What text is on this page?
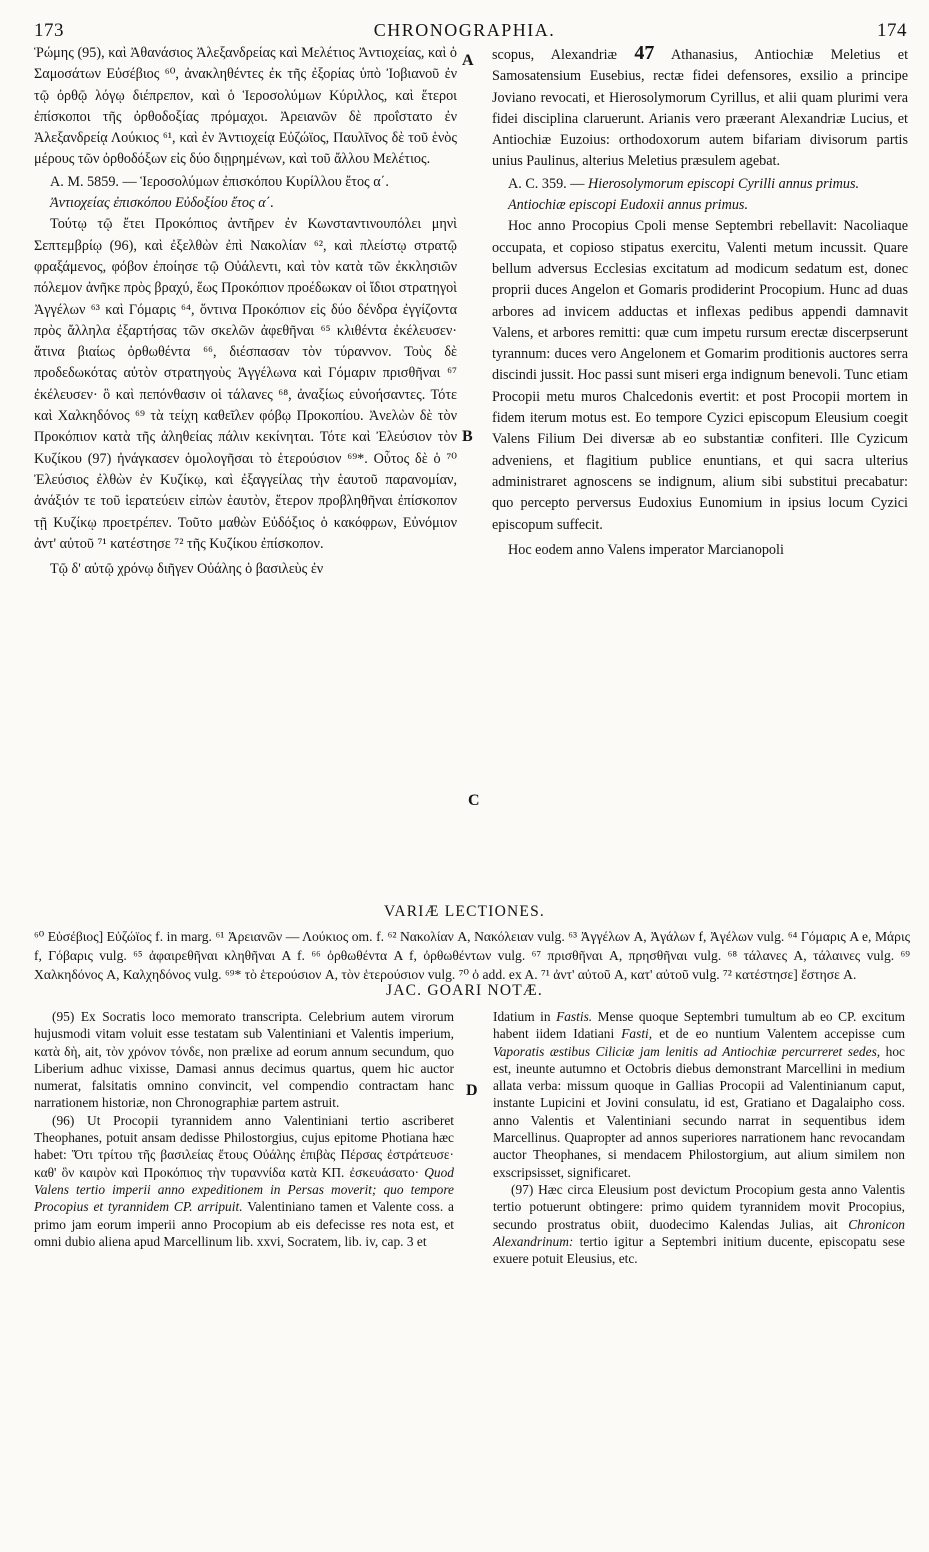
173	CHRONOGRAPHIA.	174

Ῥώμης (95), καὶ Ἀθανάσιος Ἀλεξανδρείας καὶ Μελέτιος Ἀντιοχείας, καὶ ὁ Σαμοσάτων Εὐσέβιος ⁶⁰, ἀνακληθέντες ἐκ τῆς ἐξορίας ὑπὸ Ἰοβιανοῦ ἐν τῷ ὀρθῷ λόγῳ διέπρεπον, καὶ ὁ Ἱεροσολύμων Κύριλλος, καὶ ἕτεροι ἐπίσκοποι τῆς ὀρθοδοξίας πρόμαχοι. Ἀρειανῶν δὲ προΐστατο ἐν Ἀλεξανδρείᾳ Λούκιος ⁶¹, καὶ ἐν Ἀντιοχείᾳ Εὐζώϊος, Παυλῖνος δὲ τοῦ ἑνὸς μέρους τῶν ὀρθοδόξων εἰς δύο διῃρημένων, καὶ τοῦ ἄλλου Μελέτιος.

A. M. 5859. — Ἱεροσολύμων ἐπισκόπου Κυρίλλου ἔτος α΄.

Ἀντιοχείας ἐπισκόπου Εὐδοξίου ἔτος α΄.

Τούτῳ τῷ ἔτει Προκόπιος ἀντῆρεν ἐν Κωνσταντινουπόλει μηνὶ Σεπτεμβρίῳ (96), καὶ ἐξελθὼν ἐπὶ Νακολίαν ⁶², καὶ πλείστῳ στρατῷ φραξάμενος, φόβον ἐποίησε τῷ Οὐάλεντι, καὶ τὸν κατὰ τῶν ἐκκλησιῶν πόλεμον ἀνῆκε πρὸς βραχύ, ἕως Προκόπιον προέδωκαν οἱ ἴδιοι στρατηγοὶ Ἀγγέλων ⁶³ καὶ Γόμαρις ⁶⁴, ὅντινα Προκόπιον εἰς δύο δένδρα ἐγγίζοντα πρὸς ἄλληλα ἐξαρτήσας τῶν σκελῶν ἀφεθῆναι ⁶⁵ κλιθέντα ἐκέλευσεν· ἅτινα βιαίως ὀρθωθέντα ⁶⁶, διέσπασαν τὸν τύραννον. Τοὺς δὲ προδεδωκότας αὐτὸν στρατηγοὺς Ἀγγέλωνα καὶ Γόμαριν πρισθῆναι ⁶⁷ ἐκέλευσεν· ὃ καὶ πεπόνθασιν οἱ τάλανες ⁶⁸, ἀναξίως εὐνοήσαντες. Τότε καὶ Χαλκηδόνος ⁶⁹ τὰ τείχη καθεῖλεν φόβῳ Προκοπίου. Ἀνελὼν δὲ τὸν Προκόπιον κατὰ τῆς ἀληθείας πάλιν κεκίνηται. Τότε καὶ Ἐλεύσιον τὸν Κυζίκου (97) ἠνάγκασεν ὁμολογῆσαι τὸ ἑτερούσιον ⁶⁹*. Οὗτος δὲ ὁ ⁷⁰ Ἐλεύσιος ἐλθὼν ἐν Κυζίκῳ, καὶ ἐξαγγείλας τὴν ἑαυτοῦ παρανομίαν, ἀνάξιόν τε τοῦ ἱερατεύειν εἰπὼν ἑαυτὸν, ἕτερον προβληθῆναι ἐπίσκοπον τῇ Κυζίκῳ προετρέπεν. Τοῦτο μαθὼν Εὐδόξιος ὁ κακόφρων, Εὐνόμιον ἀντ' αὐτοῦ ⁷¹ κατέστησε ⁷² τῆς Κυζίκου ἐπίσκοπον.

Τῷ δ' αὐτῷ χρόνῳ διῆγεν Οὐάλης ὁ βασιλεὺς ἐν

A
B
C
D

scopus, Alexandriæ 47 Athanasius, Antiochiæ Meletius et Samosatensium Eusebius, rectæ fidei defensores, exsilio a principe Joviano revocati, et Hierosolymorum Cyrillus, et alii quam plurimi vera fidei disciplina claruerunt. Arianis vero præerant Alexandriæ Lucius, et Antiochiæ Euzoius: orthodoxorum autem bifariam divisorum partis unius Paulinus, alterius Meletius præsulem agebat.

A. C. 359. — Hierosolymorum episcopi Cyrilli annus primus.

Antiochiæ episcopi Eudoxii annus primus.

Hoc anno Procopius Cpoli mense Septembri rebellavit: Nacoliaque occupata, et copioso stipatus exercitu, Valenti metum incussit. Quare bellum adversus Ecclesias excitatum ad modicum sedatum est, donec proprii duces Angelon et Gomaris prodiderint Procopium. Hunc ad duas arbores ad invicem adductas et inflexas pedibus appendi damnavit Valens, et arbores remitti: quæ cum impetu rursum erectæ discerpserunt tyrannum: duces vero Angelonem et Gomarim proditionis auctores serra discindi jussit. Hoc passi sunt miseri erga indignum benevoli. Tunc etiam Procopii metu muros Chalcedonis evertit: et post Procopii mortem in fidem iterum motus est. Eo tempore Cyzici episcopum Eleusium coegit Valens Filium Dei diversæ ab eo substantiæ confiteri. Ille Cyzicum adveniens, et flagitium publice enuntians, et qui sacra ulterius administraret agnoscens se indignum, alium sibi substitui precabatur: quo percepto perversus Eudoxius Eunomium in ipsius locum Cyzici episcopum suffecit.

Hoc eodem anno Valens imperator Marcianopoli

VARIÆ LECTIONES.

⁶⁰ Εὐσέβιος] Εὐζώϊος f. in marg. ⁶¹ Ἀρειανῶν — Λούκιος om. f. ⁶² Νακολίαν A, Νακόλειαν vulg. ⁶³ Ἀγγέλων A, Ἀγάλων f, Ἀγέλων vulg. ⁶⁴ Γόμαρις A e, Μάρις f, Γόβαρις vulg. ⁶⁵ ἀφαιρεθῆναι κληθῆναι A f. ⁶⁶ ὀρθωθέντα A f, ὀρθωθέντων vulg. ⁶⁷ πρισθῆναι A, πρησθῆναι vulg. ⁶⁸ τάλανες A, τάλαινες vulg. ⁶⁹ Χαλκηδόνος A, Καλχηδόνος vulg. ⁶⁹* τὸ ἑτερούσιον A, τὸν ἑτερούσιον vulg. ⁷⁰ ὁ add. ex A. ⁷¹ ἀντ' αὐτοῦ A, κατ' αὐτοῦ vulg. ⁷² κατέστησε] ἔστησε A.

JAC. GOARI NOTÆ.

(95) Ex Socratis loco memorato transcripta. Celebrium autem virorum hujusmodi vitam voluit esse testatam sub Valentiniani et Valentis imperium, κατὰ δὴ, ait, τὸν χρόνον τόνδε, non prælixe ad eorum annum secundum, quo Liberium adhuc vixisse, Damasi annus decimus quartus, quem hic auctor numerat, falsitatis omnino convincit, vel compendio contractam hanc narrationem historiæ, non Chronographiæ partem astruit.

(96) Ut Procopii tyrannidem anno Valentiniani tertio ascriberet Theophanes, potuit ansam dedisse Philostorgius, cujus epitome Photiana hæc habet: Ὅτι τρίτου τῆς βασιλείας ἔτους Οὐάλης ἐπιβὰς Πέρσας ἐστράτευσε· καθ' ὃν καιρὸν καὶ Προκόπιος τὴν τυραννίδα κατὰ ΚΠ. ἐσκευάσατο· Quod Valens tertio imperii anno expeditionem in Persas moverit; quo tempore Procopius et tyrannidem CP. arripuit. Valentiniano tamen et Valente coss. a primo jam eorum imperii anno Procopium ab eis defecisse res nota est, et omni dubio aliena apud Marcellinum lib. xxvi, Socratem, lib. iv, cap. 3 et

Idatium in Fastis. Mense quoque Septembri tumultum ab eo CP. excitum habent iidem Idatiani Fasti, et de eo nuntium Valentem accepisse cum Vaporatis æstibus Ciliciæ jam lenitis ad Antiochiæ percurreret sedes, hoc est, ineunte autumno et Octobris diebus demonstrant Marcellini in medium allata verba: missum quoque in Gallias Procopii ad Valentinianum caput, instante Lupicini et Jovini consulatu, id est, Gratiano et Dagalaipho coss. anno Valentis et Valentiniani secundo narrat in sequentibus idem Marcellinus. Quapropter ad annos superiores narrationem hanc revocandam auctor Theophanes, si mendacem Philostorgium, aut alium similem non exscripsisset, significaret.

(97) Hæc circa Eleusium post devictum Procopium gesta anno Valentis tertio potuerunt obtingere: primo quidem tyrannidem movit Procopius, secundo prostratus obiit, duodecimo Kalendas Julias, ait Chronicon Alexandrinum: tertio igitur a Septembri initium ducente, episcopatu sese exuere potuit Eleusius, etc.
